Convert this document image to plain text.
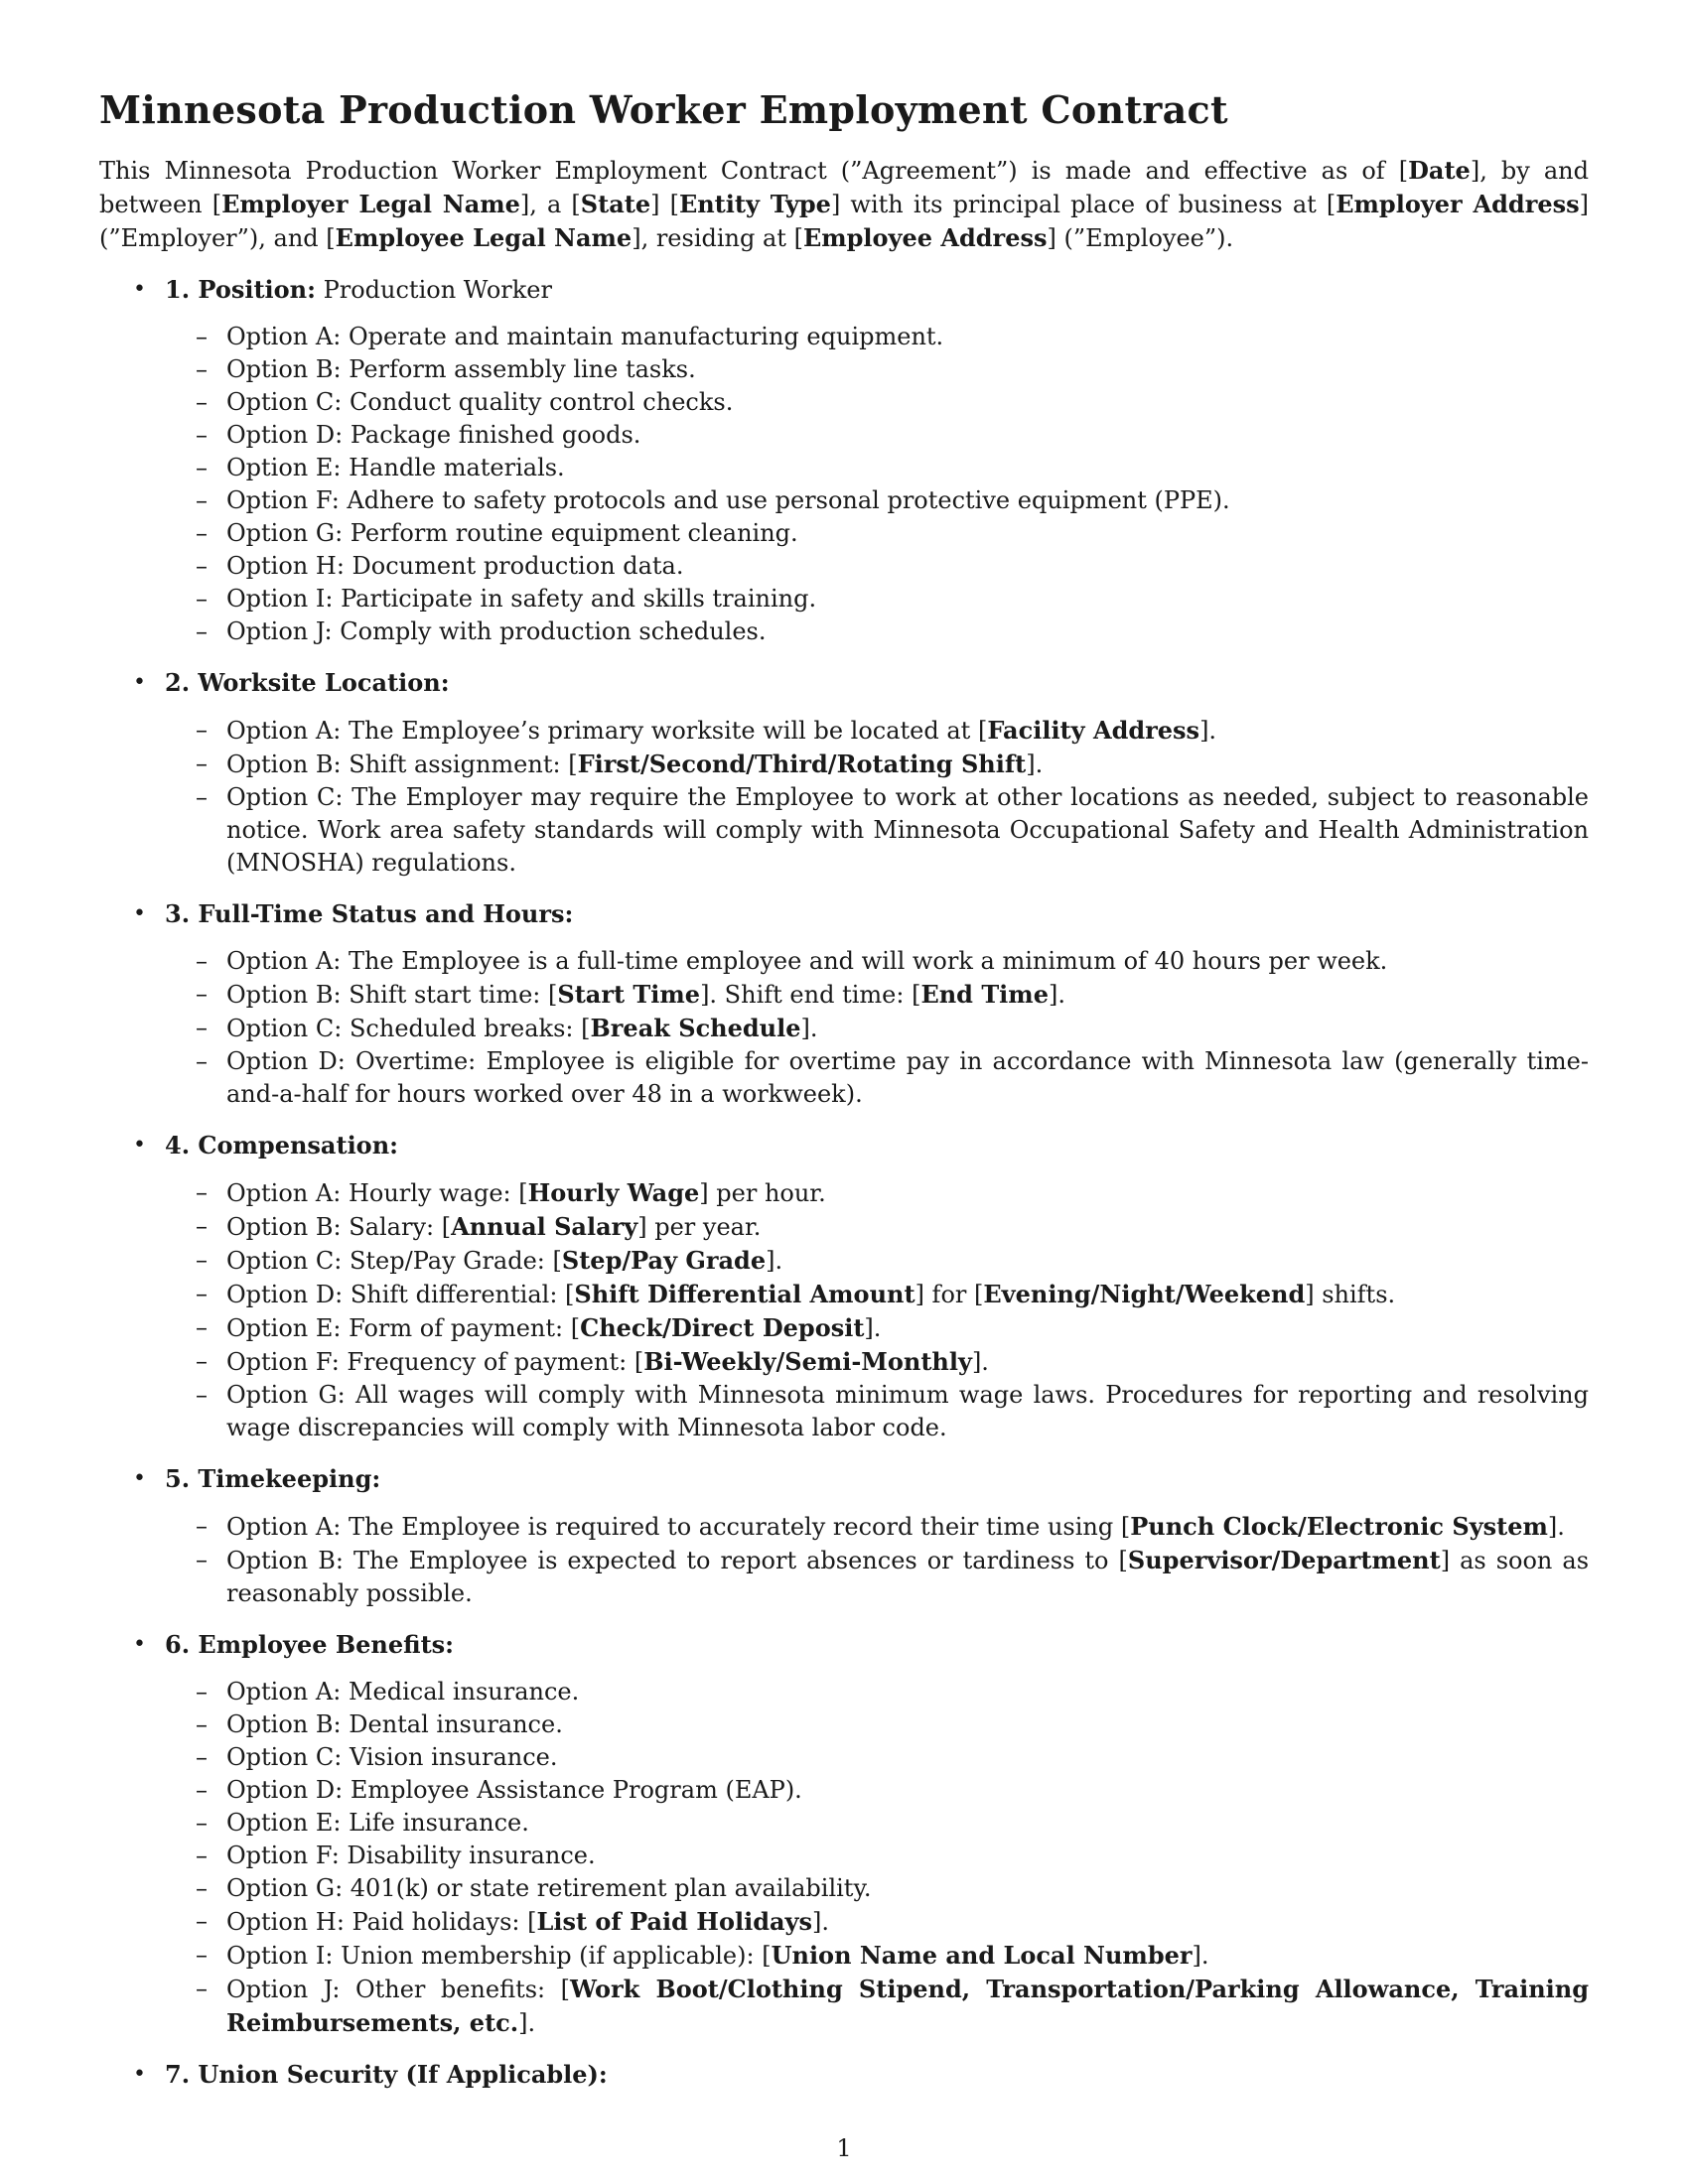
Minnesota Production Worker Employment Contract

This Minnesota Production Worker Employment Contract (”Agreement”) is made and effective as of [Date], by and between [Employer Legal Name], a [State] [Entity Type] with its principal place of business at [Employer Address] (”Employer”), and [Employee Legal Name], residing at [Employee Address] (”Employee”).

• 1. Position: Production Worker
– Option A: Operate and maintain manufacturing equipment.
– Option B: Perform assembly line tasks.
– Option C: Conduct quality control checks.
– Option D: Package finished goods.
– Option E: Handle materials.
– Option F: Adhere to safety protocols and use personal protective equipment (PPE).
– Option G: Perform routine equipment cleaning.
– Option H: Document production data.
– Option I: Participate in safety and skills training.
– Option J: Comply with production schedules.
• 2. Worksite Location:
– Option A: The Employee’s primary worksite will be located at [Facility Address].
– Option B: Shift assignment: [First/Second/Third/Rotating Shift].
– Option C: The Employer may require the Employee to work at other locations as needed, subject to reasonable notice. Work area safety standards will comply with Minnesota Occupational Safety and Health Administration (MNOSHA) regulations.
• 3. Full-Time Status and Hours:
– Option A: The Employee is a full-time employee and will work a minimum of 40 hours per week.
– Option B: Shift start time: [Start Time]. Shift end time: [End Time].
– Option C: Scheduled breaks: [Break Schedule].
– Option D: Overtime: Employee is eligible for overtime pay in accordance with Minnesota law (generally time-and-a-half for hours worked over 48 in a workweek).
• 4. Compensation:
– Option A: Hourly wage: [Hourly Wage] per hour.
– Option B: Salary: [Annual Salary] per year.
– Option C: Step/Pay Grade: [Step/Pay Grade].
– Option D: Shift differential: [Shift Differential Amount] for [Evening/Night/Weekend] shifts.
– Option E: Form of payment: [Check/Direct Deposit].
– Option F: Frequency of payment: [Bi-Weekly/Semi-Monthly].
– Option G: All wages will comply with Minnesota minimum wage laws. Procedures for reporting and resolving wage discrepancies will comply with Minnesota labor code.
• 5. Timekeeping:
– Option A: The Employee is required to accurately record their time using [Punch Clock/Electronic System].
– Option B: The Employee is expected to report absences or tardiness to [Supervisor/Department] as soon as reasonably possible.
• 6. Employee Benefits:
– Option A: Medical insurance.
– Option B: Dental insurance.
– Option C: Vision insurance.
– Option D: Employee Assistance Program (EAP).
– Option E: Life insurance.
– Option F: Disability insurance.
– Option G: 401(k) or state retirement plan availability.
– Option H: Paid holidays: [List of Paid Holidays].
– Option I: Union membership (if applicable): [Union Name and Local Number].
– Option J: Other benefits: [Work Boot/Clothing Stipend, Transportation/Parking Allowance, Training Reimbursements, etc.].
• 7. Union Security (If Applicable):
1
